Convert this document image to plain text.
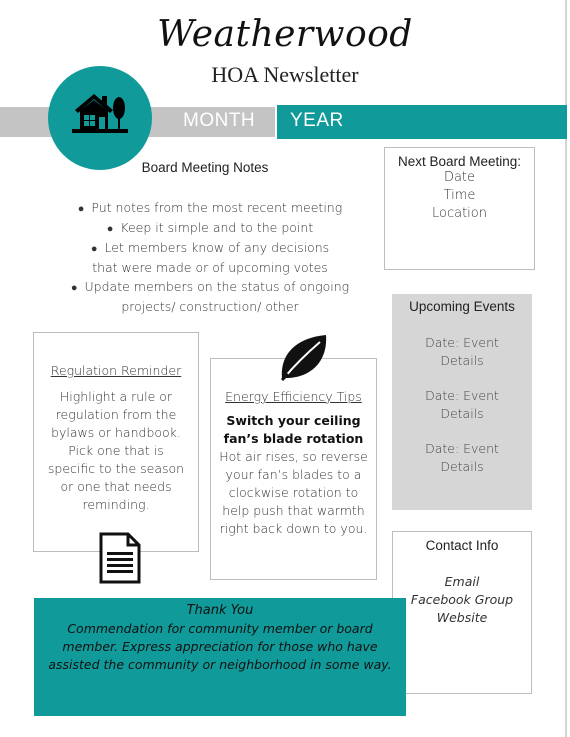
Weatherwood
HOA Newsletter
MONTH	YEAR
Board Meeting Notes
● Put notes from the most recent meeting
● Keep it simple and to the point
● Let members know of any decisions that were made or of upcoming votes
● Update members on the status of ongoing projects/ construction/ other
Next Board Meeting:
Date
Time
Location
Upcoming Events
Date: Event Details
Date: Event Details
Date: Event Details
Regulation Reminder
Highlight a rule or regulation from the bylaws or handbook. Pick one that is specific to the season or one that needs reminding.
Energy Efficiency Tips
Switch your ceiling fan’s blade rotation Hot air rises, so reverse your fan’s blades to a clockwise rotation to help push that warmth right back down to you.
Contact Info
Email
Facebook Group
Website
Thank You
Commendation for community member or board member. Express appreciation for those who have assisted the community or neighborhood in some way.
